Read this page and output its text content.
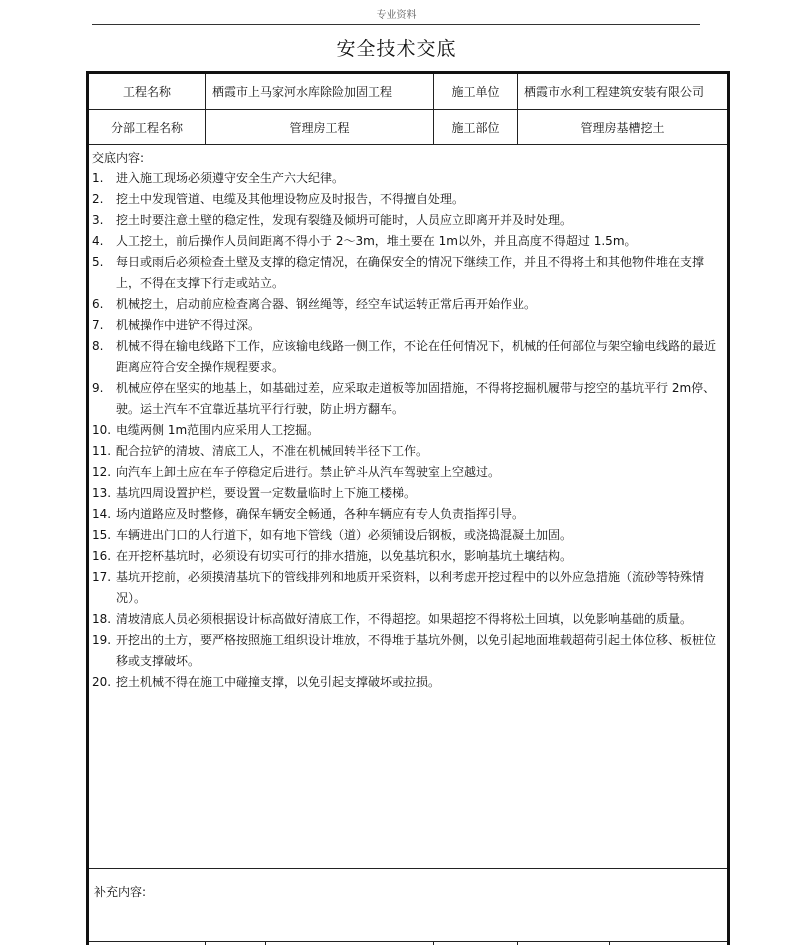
专业资料
安全技术交底
工程名称	栖霞市上马家河水库除险加固工程	施工单位	栖霞市水利工程建筑安装有限公司
分部工程名称	管理房工程	施工部位	管理房基槽挖土
交底内容:
1.	进入施工现场必须遵守安全生产六大纪律。
2.	挖土中发现管道、电缆及其他埋设物应及时报告，不得擅自处理。
3.	挖土时要注意土壁的稳定性，发现有裂缝及倾坍可能时，人员应立即离开并及时处理。
4.	人工挖土，前后操作人员间距离不得小于 2～3m，堆土要在 1m以外，并且高度不得超过 1.5m。
5.	每日或雨后必须检查土壁及支撑的稳定情况，在确保安全的情况下继续工作，并且不得将土和其他物件堆在支撑上，不得在支撑下行走或站立。
6.	机械挖土，启动前应检查离合器、钢丝绳等，经空车试运转正常后再开始作业。
7.	机械操作中进铲不得过深。
8.	机械不得在输电线路下工作，应该输电线路一侧工作，不论在任何情况下，机械的任何部位与架空输电线路的最近距离应符合安全操作规程要求。
9.	机械应停在坚实的地基上，如基础过差，应采取走道板等加固措施，不得将挖掘机履带与挖空的基坑平行 2m停、驶。运土汽车不宜靠近基坑平行行驶，防止坍方翻车。
10. 电缆两侧 1m范围内应采用人工挖掘。
11. 配合拉铲的清坡、清底工人，不准在机械回转半径下工作。
12. 向汽车上卸土应在车子停稳定后进行。禁止铲斗从汽车驾驶室上空越过。
13. 基坑四周设置护栏，要设置一定数量临时上下施工楼梯。
14. 场内道路应及时整修，确保车辆安全畅通，各种车辆应有专人负责指挥引导。
15. 车辆进出门口的人行道下，如有地下管线（道）必须铺设后钢板，或浇捣混凝土加固。
16. 在开挖杯基坑时，必须设有切实可行的排水措施，以免基坑积水，影响基坑土壤结构。
17. 基坑开挖前，必须摸清基坑下的管线排列和地质开采资料，以利考虑开挖过程中的以外应急措施（流砂等特殊情况）。
18. 清坡清底人员必须根据设计标高做好清底工作，不得超挖。如果超挖不得将松土回填，以免影响基础的质量。
19. 开挖出的土方，要严格按照施工组织设计堆放，不得堆于基坑外侧，以免引起地面堆载超荷引起土体位移、板桩位移或支撑破坏。
20. 挖土机械不得在施工中碰撞支撑，以免引起支撑破坏或拉损。
补充内容:
